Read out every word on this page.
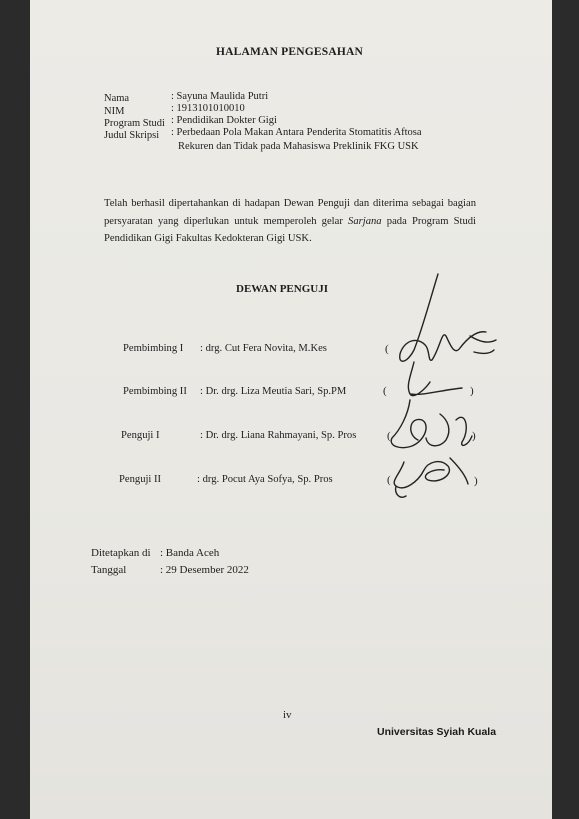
HALAMAN PENGESAHAN
Nama	: Sayuna Maulida Putri
NIM	: 1913101010010
Program Studi : Pendidikan Dokter Gigi
Judul Skripsi : Perbedaan Pola Makan Antara Penderita Stomatitis Aftosa
Rekuren dan Tidak pada Mahasiswa Preklinik FKG USK
Telah berhasil dipertahankan di hadapan Dewan Penguji dan diterima sebagai bagian persyaratan yang diperlukan untuk memperoleh gelar Sarjana pada Program Studi Pendidikan Gigi Fakultas Kedokteran Gigi USK.
DEWAN PENGUJI
Pembimbing I : drg. Cut Fera Novita, M.Kes	(
Pembimbing II : Dr. drg. Liza Meutia Sari, Sp.PM	(	)
Penguji I	: Dr. drg. Liana Rahmayani, Sp. Pros	(	)
Penguji II	: drg. Pocut Aya Sofya, Sp. Pros	(	)
Ditetapkan di : Banda Aceh
Tanggal	: 29 Desember 2022
iv
Universitas Syiah Kuala
